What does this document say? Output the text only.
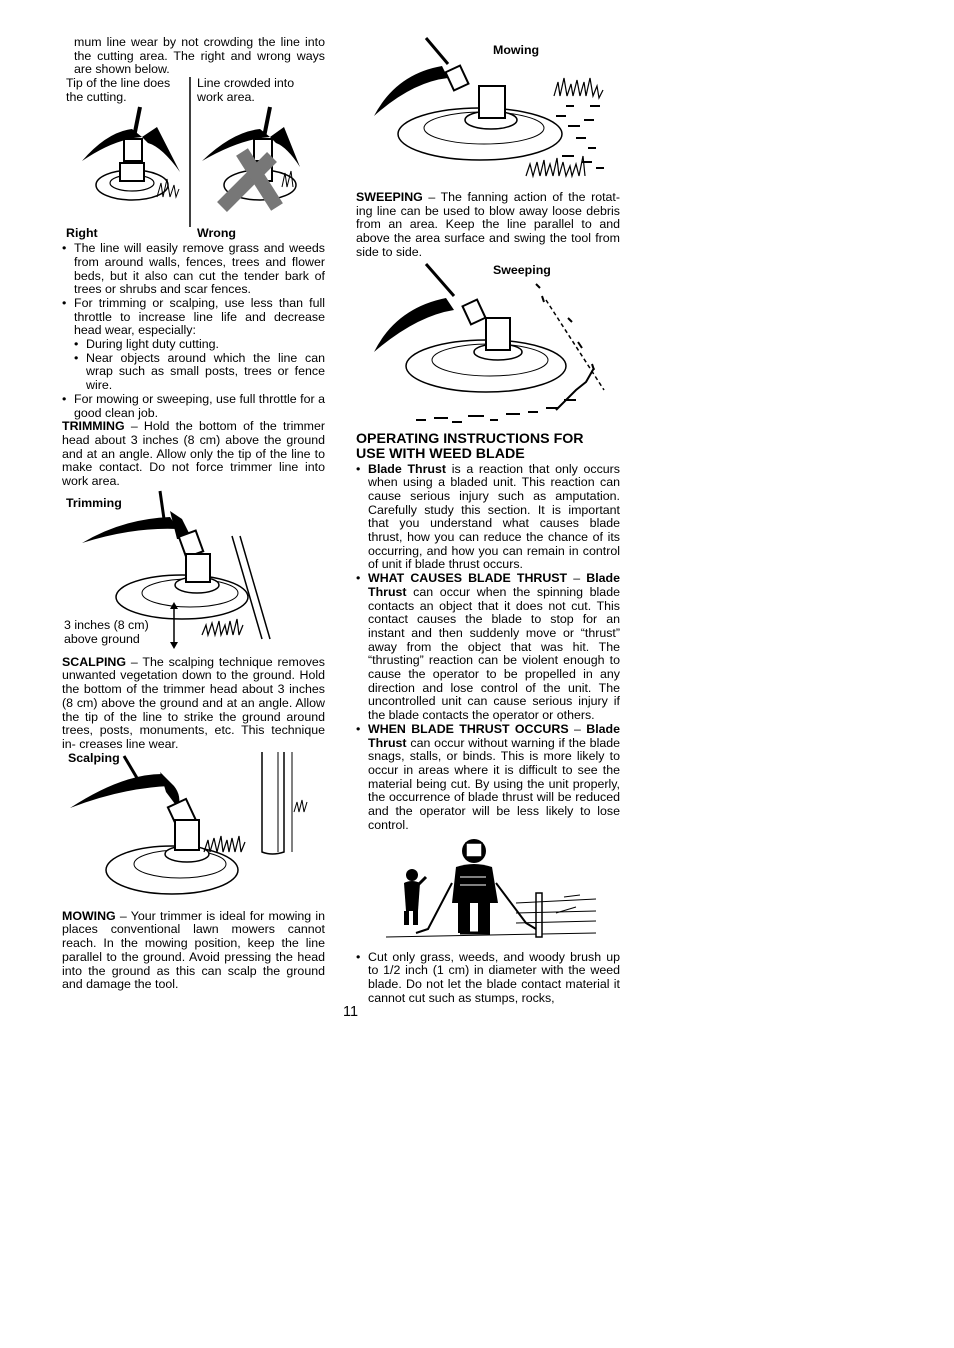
mum line wear by not crowding the line into the cutting area. The right and wrong ways are shown below.

Tip of the line does the cutting.
Line crowded into work area.
Right	Wrong
• The line will easily remove grass and weeds from around walls, fences, trees and flower beds, but it also can cut the tender bark of trees or shrubs and scar fences.
• For trimming or scalping, use less than full throttle to increase line life and decrease head wear, especially:
• During light duty cutting.
• Near objects around which the line can wrap such as small posts, trees or fence wire.
• For mowing or sweeping, use full throttle for a good clean job.

TRIMMING – Hold the bottom of the trimmer head about 3 inches (8 cm) above the ground and at an angle. Allow only the tip of the line to make contact. Do not force trimmer line into work area.

Trimming
3 inches (8 cm)
above ground

SCALPING – The scalping technique removes unwanted vegetation down to the ground. Hold the bottom of the trimmer head about 3 inches (8 cm) above the ground and at an angle. Allow the tip of the line to strike the ground around trees, posts, monuments, etc. This technique in- creases line wear.

Scalping

MOWING – Your trimmer is ideal for mowing in places conventional lawn mowers cannot reach. In the mowing position, keep the line parallel to the ground. Avoid pressing the head into the ground as this can scalp the ground and damage the tool.

Mowing

SWEEPING – The fanning action of the rotat- ing line can be used to blow away loose debris from an area. Keep the line parallel to and above the area surface and swing the tool from side to side.

Sweeping
OPERATING INSTRUCTIONS FOR
USE WITH WEED BLADE
• Blade Thrust is a reaction that only occurs when using a bladed unit. This reaction can cause serious injury such as amputation. Carefully study this section. It is important that you understand what causes blade thrust, how you can reduce the chance of its occurring, and how you can remain in control of unit if blade thrust occurs.
• WHAT CAUSES BLADE THRUST – Blade Thrust can occur when the spinning blade contacts an object that it does not cut. This contact causes the blade to stop for an instant and then suddenly move or “thrust” away from the object that was hit. The “thrusting” reaction can be violent enough to cause the operator to be propelled in any direction and lose control of the unit. The uncontrolled unit can cause serious injury if the blade contacts the operator or others.
• WHEN BLADE THRUST OCCURS – Blade Thrust can occur without warning if the blade snags, stalls, or binds. This is more likely to occur in areas where it is difficult to see the material being cut. By using the unit properly, the occurrence of blade thrust will be reduced and the operator will be less likely to lose control.
• Cut only grass, weeds, and woody brush up to 1/2 inch (1 cm) in diameter with the weed blade. Do not let the blade contact material it cannot cut such as stumps, rocks,
11
